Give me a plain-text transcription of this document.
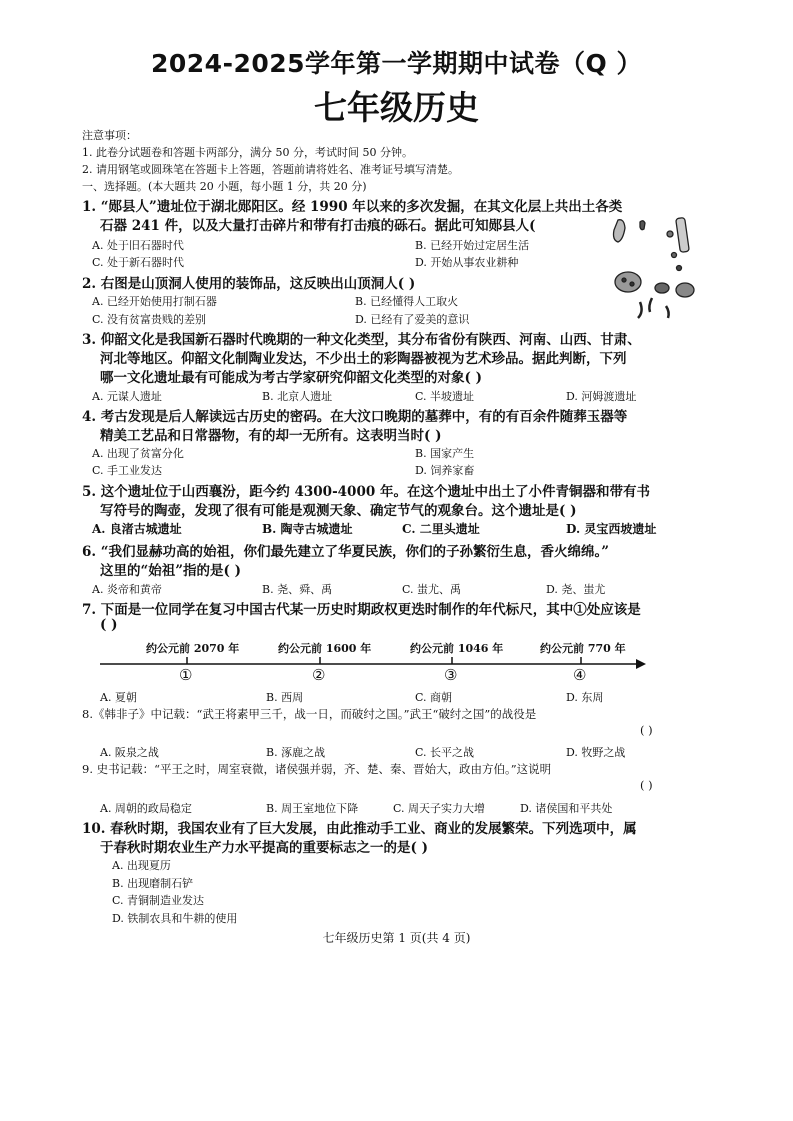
2024-2025学年第一学期期中试卷（Q ）
七年级历史
注意事项：
1. 此卷分试题卷和答题卡两部分，满分 50 分，考试时间 50 分钟。
2. 请用钢笔或圆珠笔在答题卡上答题，答题前请将姓名、准考证号填写清楚。
一、选择题。(本大题共 20 小题，每小题 1 分，共 20 分)
1. “郧县人”遗址位于湖北郧阳区。经 1990 年以来的多次发掘，在其文化层上共出土各类
石器 241 件，以及大量打击碎片和带有打击痕的砾石。据此可知郧县人(
A. 处于旧石器时代	B. 已经开始过定居生活
C. 处于新石器时代	D. 开始从事农业耕种
2. 右图是山顶洞人使用的装饰品，这反映出山顶洞人( )
A. 已经开始使用打制石器	B. 已经懂得人工取火
C. 没有贫富贵贱的差别	D. 已经有了爱美的意识
3. 仰韶文化是我国新石器时代晚期的一种文化类型，其分布省份有陕西、河南、山西、甘肃、
河北等地区。仰韶文化制陶业发达，不少出土的彩陶器被视为艺术珍品。据此判断，下列
哪一文化遗址最有可能成为考古学家研究仰韶文化类型的对象( )
A. 元谋人遗址	B. 北京人遗址	C. 半坡遗址	D. 河姆渡遗址
4. 考古发现是后人解读远古历史的密码。在大汶口晚期的墓葬中，有的有百余件随葬玉器等
精美工艺品和日常器物，有的却一无所有。这表明当时( )
A. 出现了贫富分化	B. 国家产生
C. 手工业发达	D. 饲养家畜
5. 这个遗址位于山西襄汾，距今约 4300-4000 年。在这个遗址中出土了小件青铜器和带有书
写符号的陶壶，发现了很有可能是观测天象、确定节气的观象台。这个遗址是( )
A. 良渚古城遗址	B. 陶寺古城遗址	C. 二里头遗址	D. 灵宝西坡遗址
6. “我们显赫功高的始祖，你们最先建立了华夏民族，你们的子孙繁衍生息，香火绵绵。”
这里的“始祖”指的是( )
A. 炎帝和黄帝	B. 尧、舜、禹	C. 蚩尤、禹	D. 尧、蚩尤
7. 下面是一位同学在复习中国古代某一历史时期政权更迭时制作的年代标尺，其中①处应该是
( )
约公元前 2070 年	约公元前 1600 年	约公元前 1046 年	约公元前 770 年
①	②	③	④
A. 夏朝	B. 西周	C. 商朝	D. 东周
8.《韩非子》中记载：“武王将素甲三千，战一日，而破纣之国。”武王“破纣之国”的战役是
( )
A. 阪泉之战	B. 涿鹿之战	C. 长平之战	D. 牧野之战
9. 史书记载：“平王之时，周室衰微，诸侯强并弱，齐、楚、秦、晋始大，政由方伯。”这说明
( )
A. 周朝的政局稳定	B. 周王室地位下降	C. 周天子实力大增	D. 诸侯国和平共处
10. 春秋时期，我国农业有了巨大发展，由此推动手工业、商业的发展繁荣。下列选项中，属
于春秋时期农业生产力水平提高的重要标志之一的是( )
A. 出现夏历
B. 出现磨制石铲
C. 青铜制造业发达
D. 铁制农具和牛耕的使用
七年级历史第 1 页(共 4 页)
